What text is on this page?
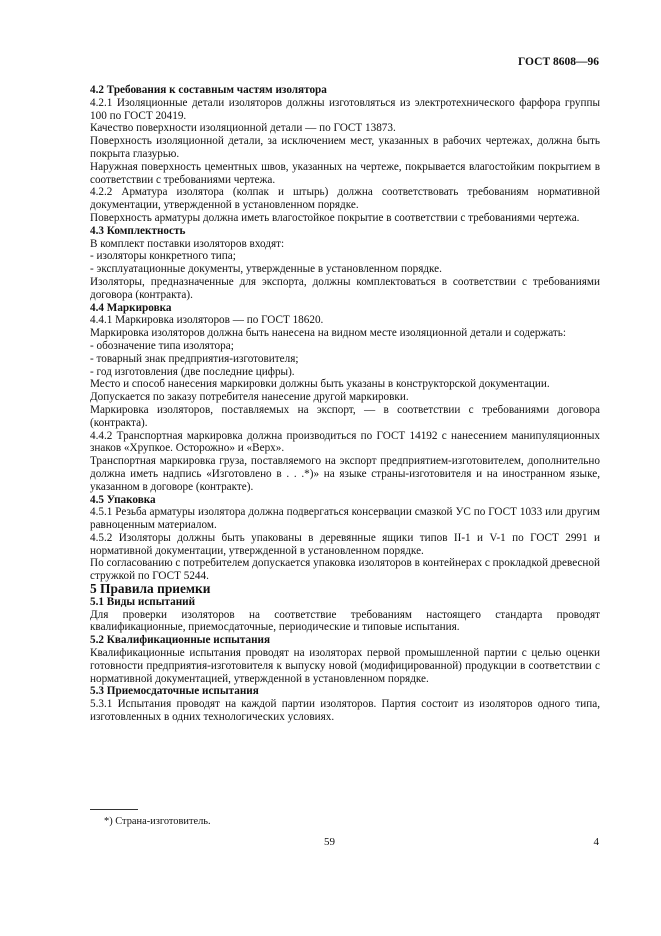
ГОСТ 8608—96

4.2 Требования к составным частям изолятора

4.2.1 Изоляционные детали изоляторов должны изготовляться из электротехнического фарфора группы 100 по ГОСТ 20419.

Качество поверхности изоляционной детали — по ГОСТ 13873.

Поверхность изоляционной детали, за исключением мест, указанных в рабочих чертежах, должна быть покрыта глазурью.

Наружная поверхность цементных швов, указанных на чертеже, покрывается влагостойким покрытием в соответствии с требованиями чертежа.

4.2.2 Арматура изолятора (колпак и штырь) должна соответствовать требованиям нормативной документации, утвержденной в установленном порядке.

Поверхность арматуры должна иметь влагостойкое покрытие в соответствии с требованиями чертежа.

4.3 Комплектность

В комплект поставки изоляторов входят:

- изоляторы конкретного типа;

- эксплуатационные документы, утвержденные в установленном порядке.

Изоляторы, предназначенные для экспорта, должны комплектоваться в соответствии с требованиями договора (контракта).

4.4 Маркировка

4.4.1 Маркировка изоляторов — по ГОСТ 18620.

Маркировка изоляторов должна быть нанесена на видном месте изоляционной детали и содержать:

- обозначение типа изолятора;

- товарный знак предприятия-изготовителя;

- год изготовления (две последние цифры).

Место и способ нанесения маркировки должны быть указаны в конструкторской документации.

Допускается по заказу потребителя нанесение другой маркировки.

Маркировка изоляторов, поставляемых на экспорт, — в соответствии с требованиями договора (контракта).

4.4.2 Транспортная маркировка должна производиться по ГОСТ 14192 с нанесением манипуляционных знаков «Хрупкое. Осторожно» и «Верх».

Транспортная маркировка груза, поставляемого на экспорт предприятием-изготовителем, дополнительно должна иметь надпись «Изготовлено в . . .*)» на языке страны-изготовителя и на иностранном языке, указанном в договоре (контракте).

4.5 Упаковка

4.5.1 Резьба арматуры изолятора должна подвергаться консервации смазкой УС по ГОСТ 1033 или другим равноценным материалом.

4.5.2 Изоляторы должны быть упакованы в деревянные ящики типов II-1 и V-1 по ГОСТ 2991 и нормативной документации, утвержденной в установленном порядке.

По согласованию с потребителем допускается упаковка изоляторов в контейнерах с прокладкой древесной стружкой по ГОСТ 5244.

5 Правила приемки

5.1 Виды испытаний

Для проверки изоляторов на соответствие требованиям настоящего стандарта проводят квалификационные, приемосдаточные, периодические и типовые испытания.

5.2 Квалификационные испытания

Квалификационные испытания проводят на изоляторах первой промышленной партии с целью оценки готовности предприятия-изготовителя к выпуску новой (модифицированной) продукции в соответствии с нормативной документацией, утвержденной в установленном порядке.

5.3 Приемосдаточные испытания

5.3.1 Испытания проводят на каждой партии изоляторов. Партия состоит из изоляторов одного типа, изготовленных в одних технологических условиях.

*) Страна-изготовитель.
59	4
